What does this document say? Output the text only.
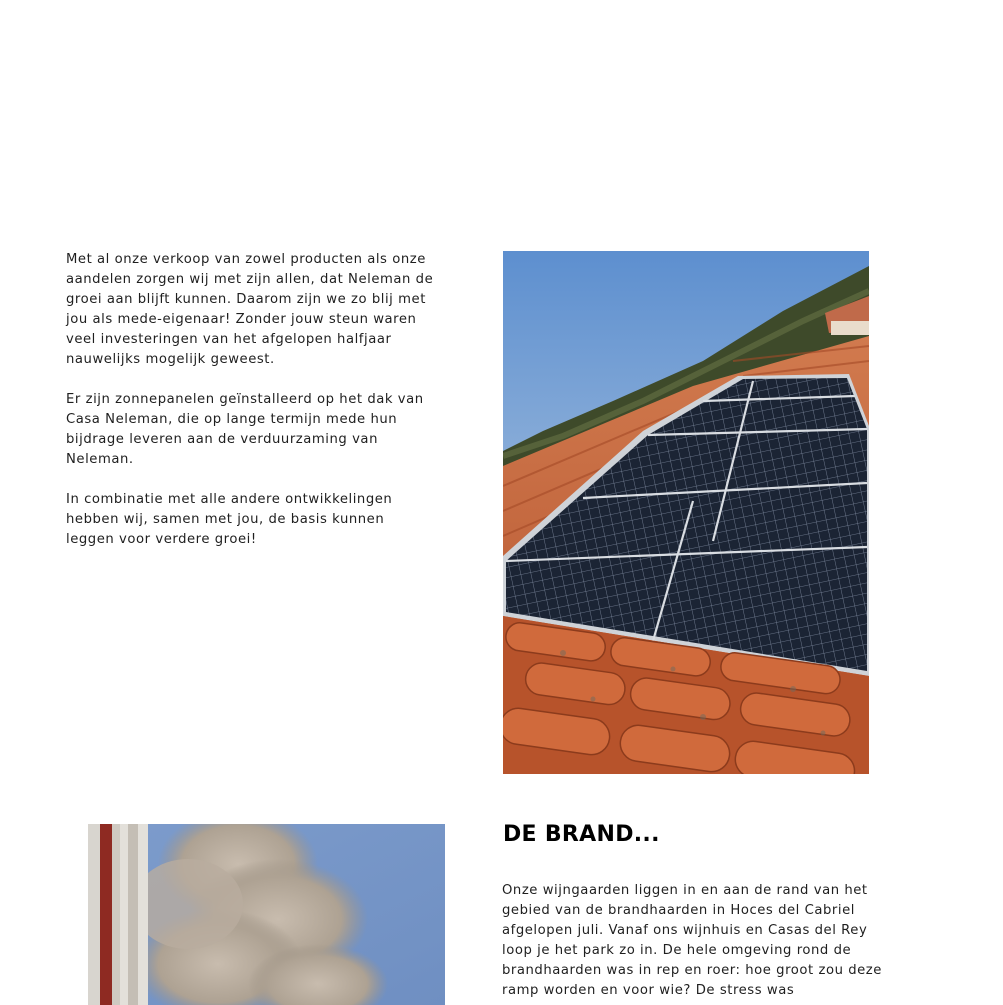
Met al onze verkoop van zowel producten als onze aandelen zorgen wij met zijn allen, dat Neleman de groei aan blijft kunnen. Daarom zijn we zo blij met jou als mede-eigenaar! Zonder jouw steun waren veel investeringen van het afgelopen halfjaar nauwelijks mogelijk geweest.

Er zijn zonnepanelen geïnstalleerd op het dak van Casa Neleman, die op lange termijn mede hun bijdrage leveren aan de verduurzaming van Neleman.

In combinatie met alle andere ontwikkelingen hebben wij, samen met jou, de basis kunnen leggen voor verdere groei!

DE BRAND...

Onze wijngaarden liggen in en aan de rand van het gebied van de brandhaarden in Hoces del Cabriel afgelopen juli. Vanaf ons wijnhuis en Casas del Rey loop je het park zo in. De hele omgeving rond de brandhaarden was in rep en roer: hoe groot zou deze ramp worden en voor wie? De stress was
